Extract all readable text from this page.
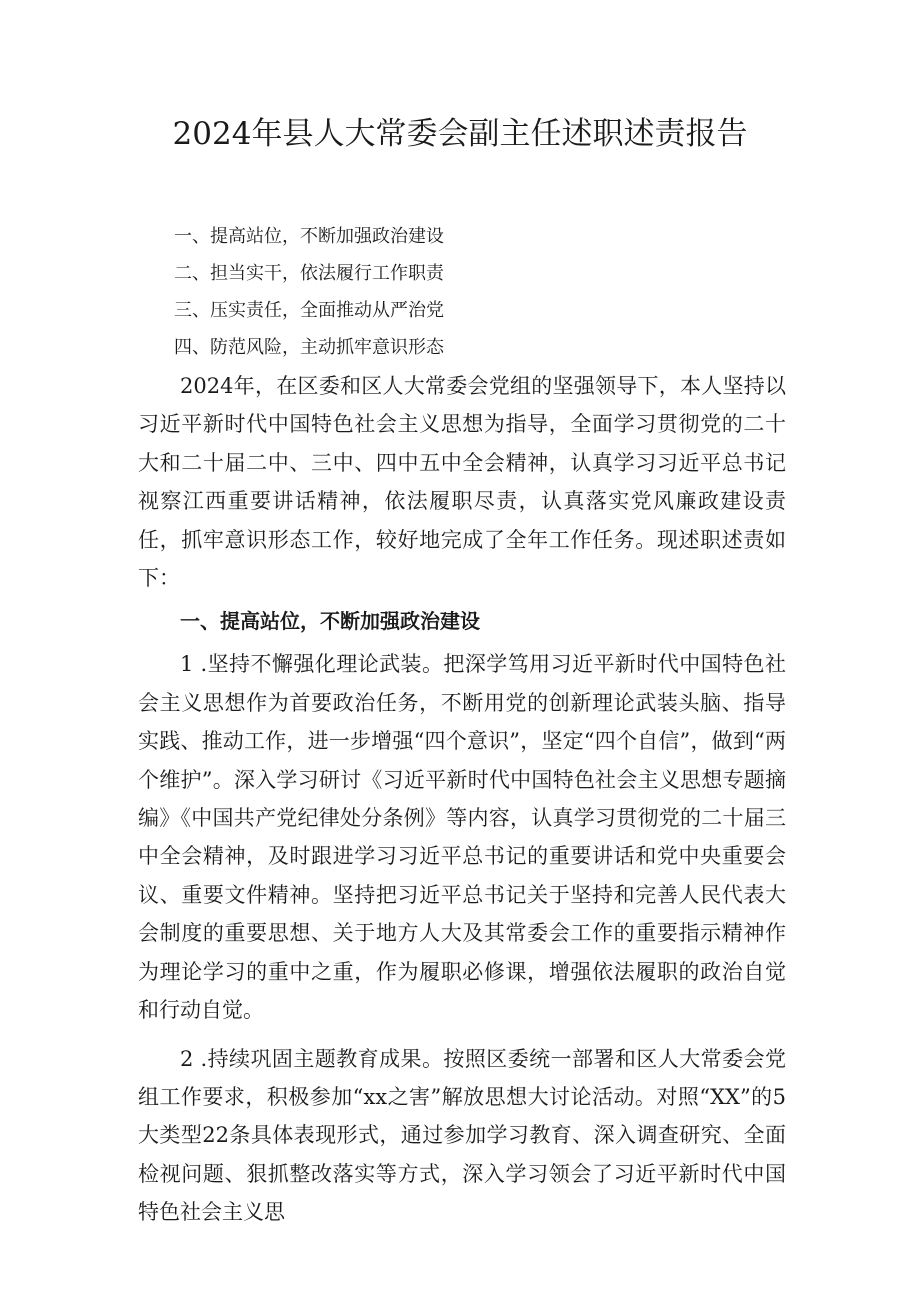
2024年县人大常委会副主任述职述责报告
一、提高站位，不断加强政治建设
二、担当实干，依法履行工作职责
三、压实责任，全面推动从严治党
四、防范风险，主动抓牢意识形态

2024年，在区委和区人大常委会党组的坚强领导下，本人坚持以习近平新时代中国特色社会主义思想为指导，全面学习贯彻党的二十大和二十届二中、三中、四中五中全会精神，认真学习习近平总书记视察江西重要讲话精神，依法履职尽责，认真落实党风廉政建设责任，抓牢意识形态工作，较好地完成了全年工作任务。现述职述责如下：

一、提高站位，不断加强政治建设

1 .坚持不懈强化理论武装。把深学笃用习近平新时代中国特色社会主义思想作为首要政治任务，不断用党的创新理论武装头脑、指导实践、推动工作，进一步增强“四个意识”，坚定“四个自信”，做到“两个维护”。深入学习研讨《习近平新时代中国特色社会主义思想专题摘编》《中国共产党纪律处分条例》等内容，认真学习贯彻党的二十届三中全会精神，及时跟进学习习近平总书记的重要讲话和党中央重要会议、重要文件精神。坚持把习近平总书记关于坚持和完善人民代表大会制度的重要思想、关于地方人大及其常委会工作的重要指示精神作为理论学习的重中之重，作为履职必修课，增强依法履职的政治自觉和行动自觉。

2 .持续巩固主题教育成果。按照区委统一部署和区人大常委会党组工作要求，积极参加“xx之害”解放思想大讨论活动。对照“XX”的5大类型22条具体表现形式，通过参加学习教育、深入调查研究、全面检视问题、狠抓整改落实等方式，深入学习领会了习近平新时代中国特色社会主义思
